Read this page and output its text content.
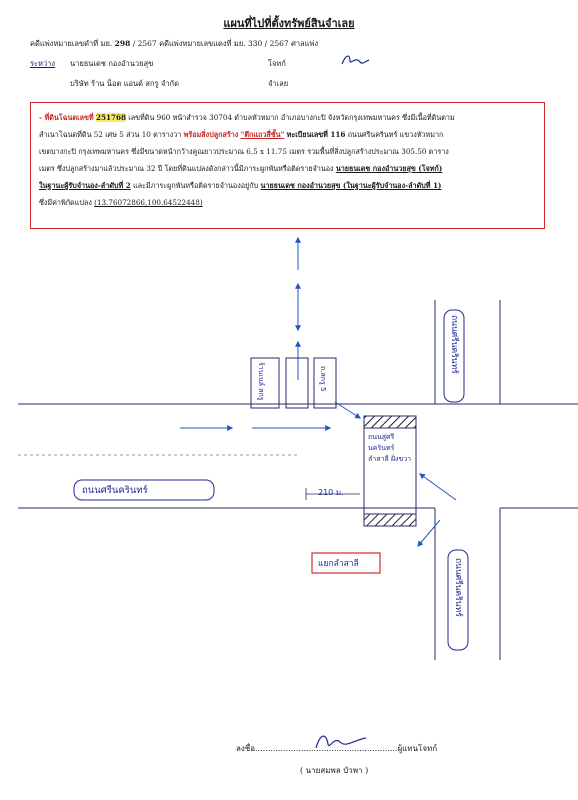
แผนที่ไปที่ตั้งทรัพย์สินจำเลย
คดีแพ่งหมายเลขดำที่ มย. 298 / 2567 คดีแพ่งหมายเลขแดงที่ มย. 330 / 2567 ศาลแพ่ง
ระหว่าง นายธนเดช กองอำนวยสุข	โจทก์
บริษัท ร้าน น็อต แอนด์ สกรู จำกัด	จำเลย

- ที่ดินโฉนดเลขที่ 251768 เลขที่ดิน 960 หน้าสำรวจ 30704 ตำบลหัวหมาก อำเภอบางกะปิ จังหวัดกรุงเทพมหานคร ซึ่งมีเนื้อที่ดินตาม

สำเนาโฉนดที่ดิน 52 เศษ 5 ส่วน 10 ตารางวา พร้อมสิ่งปลูกสร้าง "ตึกแถวสี่ชั้น" ทะเบียนเลขที่ 116 ถนนศรีนครินทร์ แขวงหัวหมาก

เขตบางกะปิ กรุงเทพมหานคร ซึ่งมีขนาดหน้ากว้างคูณยาวประมาณ 6.5 x 11.75 เมตร รวมพื้นที่สิ่งปลูกสร้างประมาณ 305.50 ตาราง

เมตร ซึ่งปลูกสร้างมาแล้วประมาณ 32 ปี โดยที่ดินแปลงดังกล่าวนี้มีภาระผูกพันหรือติดรายจำนอง นายธนเดช กองอำนวยสุข (โจทก์)

ในฐานะผู้รับจำนอง-ลำดับที่ 2 และมีภาระผูกพันหรือติดรายจำนองอยู่กับ นายธนเดช กองอำนวยสุข (ในฐานะผู้รับจำนอง-ลำดับที่ 1)

ซึ่งมีค่าพิกัดแปลง (13.76072866,100.64522448)

ถนนศรีนครินทร์
ถนนศรีนครินทร์
ถนนศรีนครินทร์
210 ม.
แยกลำสาลี
ร้านเนล์ สกรู	ถ.สกรู 5
ถนนสู่ศรี นครินทร์ ลำสาลี ฝั่งขวา
ลงชื่อ........................................................ผู้แทนโจทก์
( นายสมพล บัวพา )
